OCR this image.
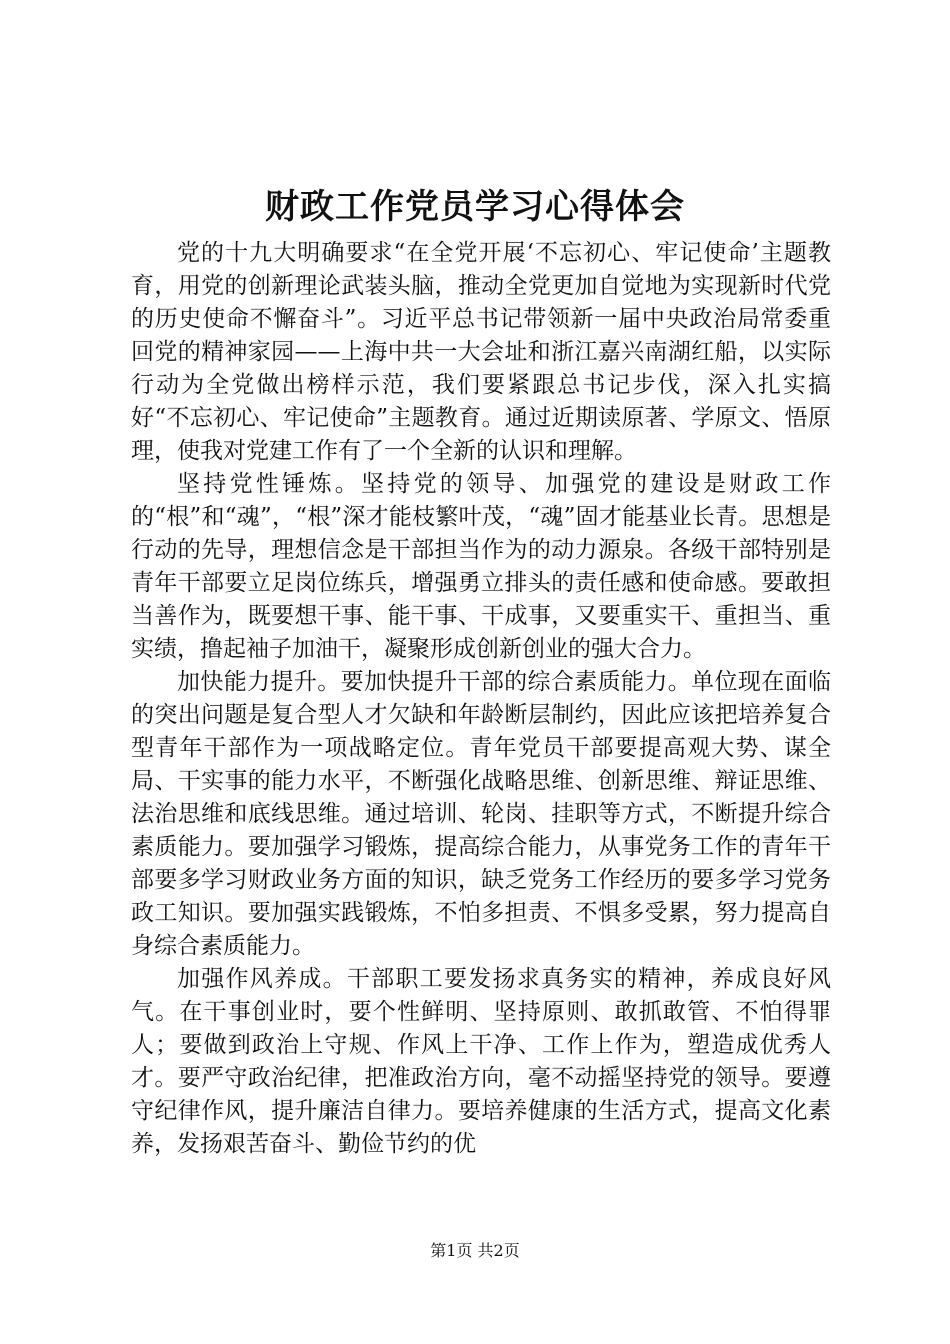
财政工作党员学习心得体会

党的十九大明确要求“在全党开展‘不忘初心、牢记使命’主题教育，用党的创新理论武装头脑，推动全党更加自觉地为实现新时代党的历史使命不懈奋斗”。习近平总书记带领新一届中央政治局常委重回党的精神家园——上海中共一大会址和浙江嘉兴南湖红船，以实际行动为全党做出榜样示范，我们要紧跟总书记步伐，深入扎实搞好“不忘初心、牢记使命”主题教育。通过近期读原著、学原文、悟原理，使我对党建工作有了一个全新的认识和理解。

坚持党性锤炼。坚持党的领导、加强党的建设是财政工作的“根”和“魂”，“根”深才能枝繁叶茂，“魂”固才能基业长青。思想是行动的先导，理想信念是干部担当作为的动力源泉。各级干部特别是青年干部要立足岗位练兵，增强勇立排头的责任感和使命感。要敢担当善作为，既要想干事、能干事、干成事，又要重实干、重担当、重实绩，撸起袖子加油干，凝聚形成创新创业的强大合力。

加快能力提升。要加快提升干部的综合素质能力。单位现在面临的突出问题是复合型人才欠缺和年龄断层制约，因此应该把培养复合型青年干部作为一项战略定位。青年党员干部要提高观大势、谋全局、干实事的能力水平，不断强化战略思维、创新思维、辩证思维、法治思维和底线思维。通过培训、轮岗、挂职等方式，不断提升综合素质能力。要加强学习锻炼，提高综合能力，从事党务工作的青年干部要多学习财政业务方面的知识，缺乏党务工作经历的要多学习党务政工知识。要加强实践锻炼，不怕多担责、不惧多受累，努力提高自身综合素质能力。

加强作风养成。干部职工要发扬求真务实的精神，养成良好风气。在干事创业时，要个性鲜明、坚持原则、敢抓敢管、不怕得罪人；要做到政治上守规、作风上干净、工作上作为，塑造成优秀人才。要严守政治纪律，把准政治方向，毫不动摇坚持党的领导。要遵守纪律作风，提升廉洁自律力。要培养健康的生活方式，提高文化素养，发扬艰苦奋斗、勤俭节约的优

第1页 共2页
